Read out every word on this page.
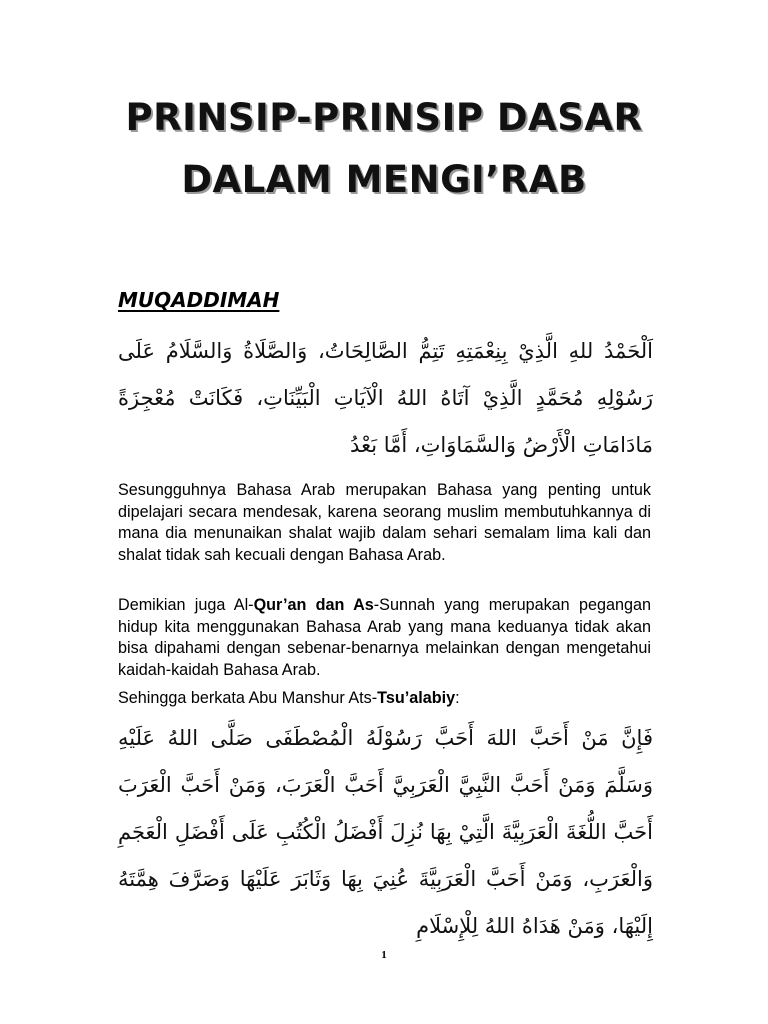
PRINSIP-PRINSIP DASAR
DALAM MENGI’RAB
MUQADDIMAH
اَلْحَمْدُ للهِ الَّذِيْ بِنِعْمَتِهِ تَتِمُّ الصَّالِحَاتُ، وَالصَّلَاةُ وَالسَّلَامُ عَلَى رَسُوْلِهِ مُحَمَّدٍ الَّذِيْ آتَاهُ اللهُ الْآيَاتِ الْبَيِّنَاتِ، فَكَانَتْ مُعْجِزَةً مَادَامَاتِ الْأَرْضُ وَالسَّمَاوَاتِ، أَمَّا بَعْدُ
Sesungguhnya Bahasa Arab merupakan Bahasa yang penting untuk dipelajari secara mendesak, karena seorang muslim membutuhkannya di mana dia menunaikan shalat wajib dalam sehari semalam lima kali dan shalat tidak sah kecuali dengan Bahasa Arab.
Demikian juga Al-Qur’an dan As-Sunnah yang merupakan pegangan hidup kita menggunakan Bahasa Arab yang mana keduanya tidak akan bisa dipahami dengan sebenar-benarnya melainkan dengan mengetahui kaidah-kaidah Bahasa Arab.
Sehingga berkata Abu Manshur Ats-Tsu’alabiy:
فَإِنَّ مَنْ أَحَبَّ اللهَ أَحَبَّ رَسُوْلَهُ الْمُصْطَفَى صَلَّى اللهُ عَلَيْهِ وَسَلَّمَ وَمَنْ أَحَبَّ النَّبِيَّ الْعَرَبِيَّ أَحَبَّ الْعَرَبَ، وَمَنْ أَحَبَّ الْعَرَبَ أَحَبَّ اللُّغَةَ الْعَرَبِيَّةَ الَّتِيْ بِهَا نُزِلَ أَفْضَلُ الْكُتُبِ عَلَى أَفْضَلِ الْعَجَمِ وَالْعَرَبِ، وَمَنْ أَحَبَّ الْعَرَبِيَّةَ عُنِيَ بِهَا وَثَابَرَ عَلَيْهَا وَصَرَّفَ هِمَّتَهُ إِلَيْهَا، وَمَنْ هَدَاهُ اللهُ لِلْإِسْلَامِ
1
